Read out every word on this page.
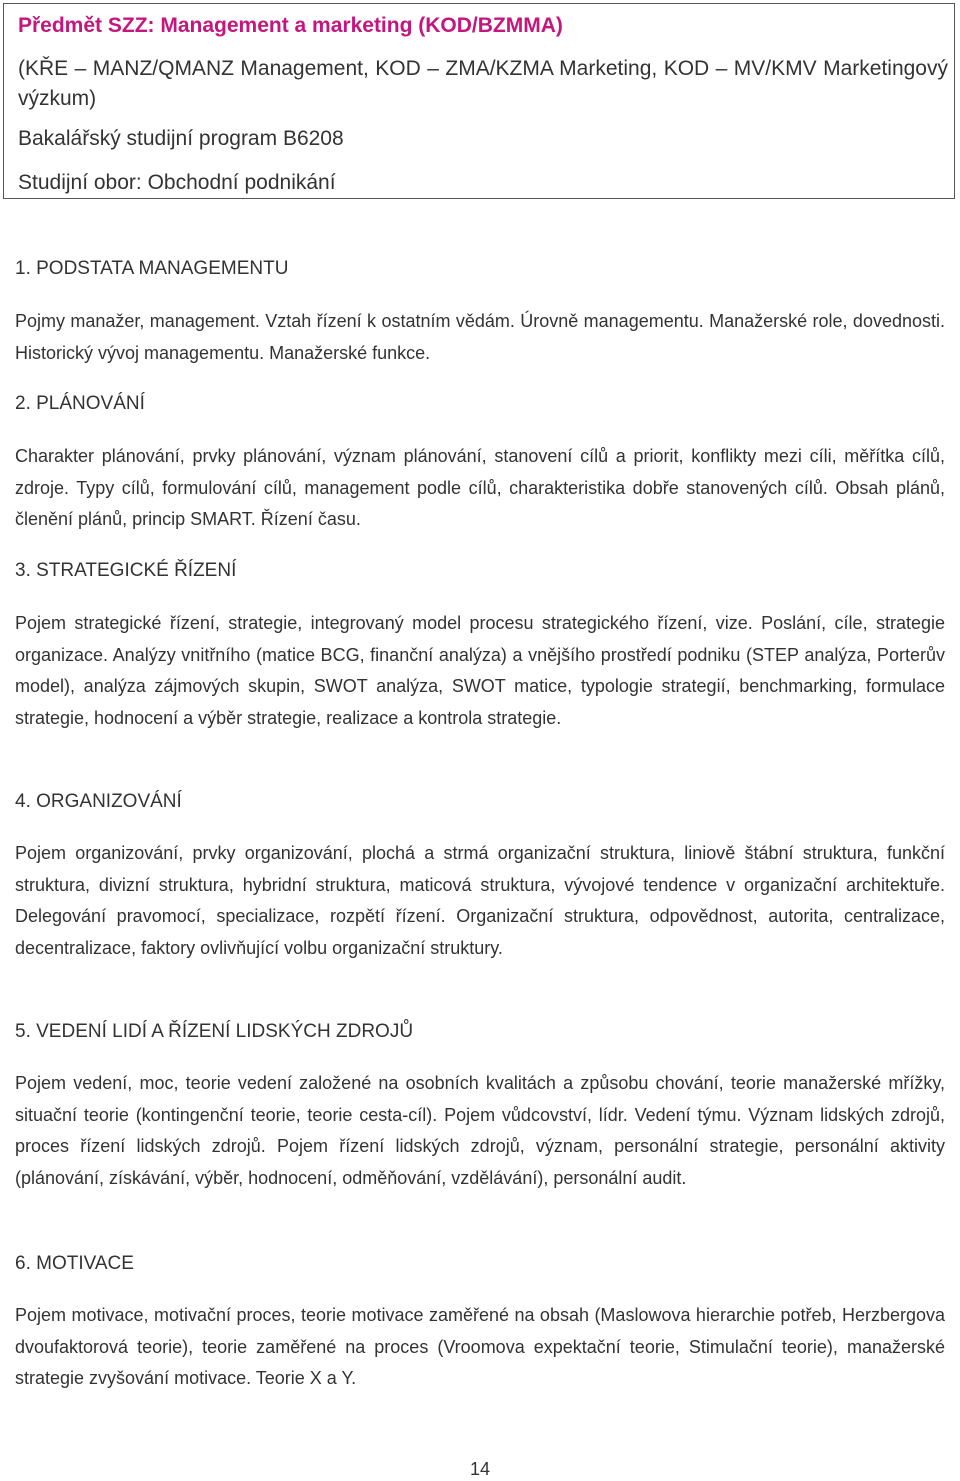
Předmět SZZ: Management a marketing (KOD/BZMMA)
(KŘE – MANZ/QMANZ Management, KOD – ZMA/KZMA Marketing, KOD – MV/KMV Marketingový výzkum)
Bakalářský studijní program B6208
Studijní obor: Obchodní podnikání
1. PODSTATA MANAGEMENTU

Pojmy manažer, management. Vztah řízení k ostatním vědám. Úrovně managementu. Manažerské role, dovednosti. Historický vývoj managementu. Manažerské funkce.

2. PLÁNOVÁNÍ

Charakter plánování, prvky plánování, význam plánování, stanovení cílů a priorit, konflikty mezi cíli, měřítka cílů, zdroje. Typy cílů, formulování cílů, management podle cílů, charakteristika dobře stanovených cílů. Obsah plánů, členění plánů, princip SMART. Řízení času.

3. STRATEGICKÉ ŘÍZENÍ

Pojem strategické řízení, strategie, integrovaný model procesu strategického řízení, vize. Poslání, cíle, strategie organizace. Analýzy vnitřního (matice BCG, finanční analýza) a vnějšího prostředí podniku (STEP analýza, Porterův model), analýza zájmových skupin, SWOT analýza, SWOT matice, typologie strategií, benchmarking, formulace strategie, hodnocení a výběr strategie, realizace a kontrola strategie.

4. ORGANIZOVÁNÍ

Pojem organizování, prvky organizování, plochá a strmá organizační struktura, liniově štábní struktura, funkční struktura, divizní struktura, hybridní struktura, maticová struktura, vývojové tendence v organizační architektuře. Delegování pravomocí, specializace, rozpětí řízení. Organizační struktura, odpovědnost, autorita, centralizace, decentralizace, faktory ovlivňující volbu organizační struktury.

5. VEDENÍ LIDÍ A ŘÍZENÍ LIDSKÝCH ZDROJŮ

Pojem vedení, moc, teorie vedení založené na osobních kvalitách a způsobu chování, teorie manažerské mřížky, situační teorie (kontingenční teorie, teorie cesta-cíl). Pojem vůdcovství, lídr. Vedení týmu. Význam lidských zdrojů, proces řízení lidských zdrojů. Pojem řízení lidských zdrojů, význam, personální strategie, personální aktivity (plánování, získávání, výběr, hodnocení, odměňování, vzdělávání), personální audit.

6. MOTIVACE

Pojem motivace, motivační proces, teorie motivace zaměřené na obsah (Maslowova hierarchie potřeb, Herzbergova dvoufaktorová teorie), teorie zaměřené na proces (Vroomova expektační teorie, Stimulační teorie), manažerské strategie zvyšování motivace. Teorie X a Y.

14
